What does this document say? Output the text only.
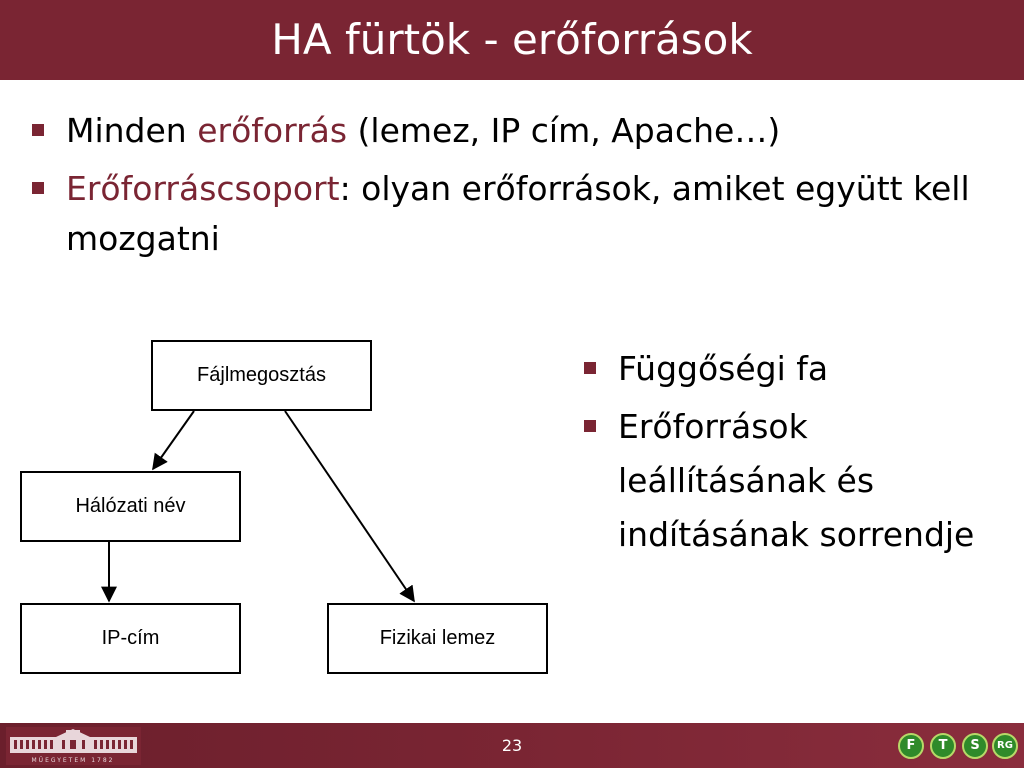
HA fürtök - erőforrások
Minden erőforrás (lemez, IP cím, Apache…)
Erőforráscsoport: olyan erőforrások, amiket együtt kell mozgatni
Fájlmegosztás
Hálózati név
IP-cím	Fizikai lemez
Függőségi fa
Erőforrások leállításának és indításának sorrendje
MŰEGYETEM 1782
23	F	T	S	RG
